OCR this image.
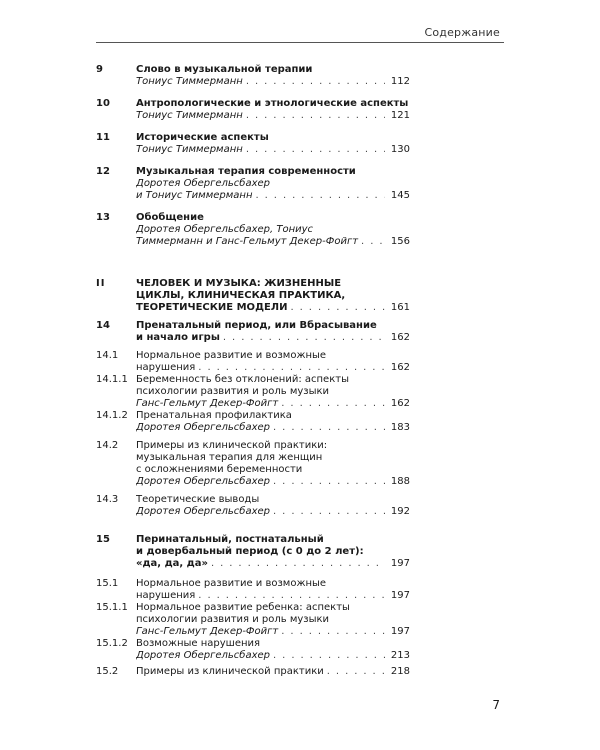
Содержание
9	Слово в музыкальной терапии
Тониус Тиммерманн . . .	112
10	Антропологические и этнологические аспекты
Тониус Тиммерманн . . .	121
11	Исторические аспекты
Тониус Тиммерманн . . .	130
12	Музыкальная терапия современности
Доротея Обергельсбахер
и Тониус Тиммерманн . . .	145
13	Обобщение
Доротея Обергельсбахер, Тониус
Тиммерманн и Ганс-Гельмут Декер-Фойгт . . .	156
II	ЧЕЛОВЕК И МУЗЫКА: ЖИЗНЕННЫЕ
ЦИКЛЫ, КЛИНИЧЕСКАЯ ПРАКТИКА,
ТЕОРЕТИЧЕСКИЕ МОДЕЛИ . . .	161
14	Пренатальный период, или Вбрасывание
и начало игры . . .	162
14.1 Нормальное развитие и возможные
нарушения . . .	162
14.1.1 Беременность без отклонений: аспекты
психологии развития и роль музыки
Ганс-Гельмут Декер-Фойгт . . .	162
14.1.2 Пренатальная профилактика
Доротея Обергельсбахер . . .	183
14.2 Примеры из клинической практики:
музыкальная терапия для женщин
с осложнениями беременности
Доротея Обергельсбахер . . .	188
14.3 Теоретические выводы
Доротея Обергельсбахер . . .	192
15	Перинатальный, постнатальный
и довербальный период (с 0 до 2 лет):
«да, да, да» . . .	197
15.1 Нормальное развитие и возможные
нарушения . . .	197
15.1.1 Нормальное развитие ребенка: аспекты
психологии развития и роль музыки
Ганс-Гельмут Декер-Фойгт . . .	197
15.1.2 Возможные нарушения
Доротея Обергельсбахер . . .	213
15.2 Примеры из клинической практики . . .	218
7
